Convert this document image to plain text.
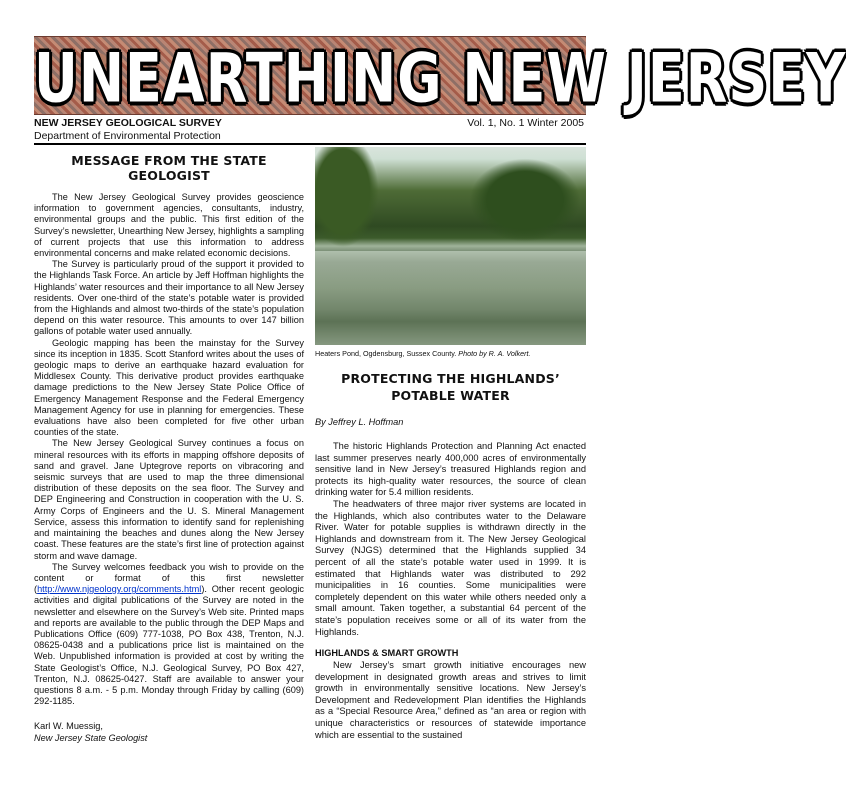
UNEARTHING NEW JERSEY
NEW JERSEY GEOLOGICAL SURVEY
Department of Environmental Protection
Vol. 1, No. 1 Winter 2005
MESSAGE FROM THE STATE GEOLOGIST

The New Jersey Geological Survey provides geoscience information to government agencies, consultants, industry, environmental groups and the public. This first edition of the Survey’s newsletter, Unearthing New Jersey, highlights a sampling of current projects that use this information to address environmental concerns and make related economic decisions.

The Survey is particularly proud of the support it provided to the Highlands Task Force. An article by Jeff Hoffman highlights the Highlands’ water resources and their importance to all New Jersey residents. Over one-third of the state’s potable water is provided from the Highlands and almost two-thirds of the state’s population depend on this water resource. This amounts to over 147 billion gallons of potable water used annually.

Geologic mapping has been the mainstay for the Survey since its inception in 1835. Scott Stanford writes about the uses of geologic maps to derive an earthquake hazard evaluation for Middlesex County. This derivative product provides earthquake damage predictions to the New Jersey State Police Office of Emergency Management Response and the Federal Emergency Management Agency for use in planning for emergencies. These evaluations have also been completed for five other urban counties of the state.

The New Jersey Geological Survey continues a focus on mineral resources with its efforts in mapping offshore deposits of sand and gravel. Jane Uptegrove reports on vibracoring and seismic surveys that are used to map the three dimensional distribution of these deposits on the sea floor. The Survey and DEP Engineering and Construction in cooperation with the U. S. Army Corps of Engineers and the U. S. Mineral Management Service, assess this information to identify sand for replenishing and maintaining the beaches and dunes along the New Jersey coast. These features are the state’s first line of protection against storm and wave damage.

The Survey welcomes feedback you wish to provide on the content or format of this first newsletter (http://www.njgeology.org/comments.html). Other recent geologic activities and digital publications of the Survey are noted in the newsletter and elsewhere on the Survey’s Web site. Printed maps and reports are available to the public through the DEP Maps and Publications Office (609) 777-1038, PO Box 438, Trenton, N.J. 08625-0438 and a publications price list is maintained on the Web. Unpublished information is provided at cost by writing the State Geologist’s Office, N.J. Geological Survey, PO Box 427, Trenton, N.J. 08625-0427. Staff are available to answer your questions 8 a.m. - 5 p.m. Monday through Friday by calling (609) 292-1185.

Karl W. Muessig,
New Jersey State Geologist
Heaters Pond, Ogdensburg, Sussex County. Photo by R. A. Volkert.
PROTECTING THE HIGHLANDS’ POTABLE WATER
By Jeffrey L. Hoffman

The historic Highlands Protection and Planning Act enacted last summer preserves nearly 400,000 acres of environmentally sensitive land in New Jersey’s treasured Highlands region and protects its high-quality water resources, the source of clean drinking water for 5.4 million residents.

The headwaters of three major river systems are located in the Highlands, which also contributes water to the Delaware River. Water for potable supplies is withdrawn directly in the Highlands and downstream from it. The New Jersey Geological Survey (NJGS) determined that the Highlands supplied 34 percent of all the state’s potable water used in 1999. It is estimated that Highlands water was distributed to 292 municipalities in 16 counties. Some municipalities were completely dependent on this water while others needed only a small amount. Taken together, a substantial 64 percent of the state’s population receives some or all of its water from the Highlands.

HIGHLANDS & SMART GROWTH

New Jersey’s smart growth initiative encourages new development in designated growth areas and strives to limit growth in environmentally sensitive locations. New Jersey’s Development and Redevelopment Plan identifies the Highlands as a “Special Resource Area,” defined as “an area or region with unique characteristics or resources of statewide importance which are essential to the sustained
